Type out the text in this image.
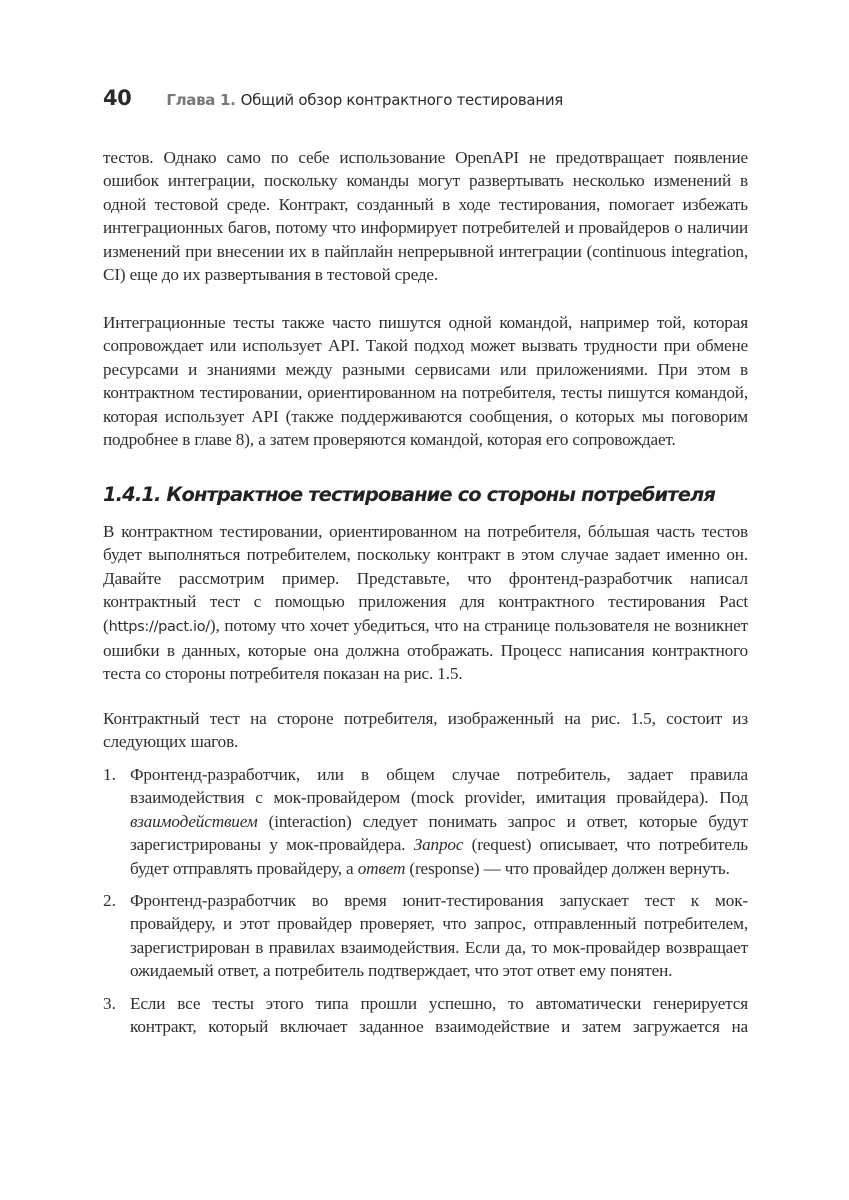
40 Глава 1. Общий обзор контрактного тестирования

тестов. Однако само по себе использование OpenAPI не предотвращает появление ошибок интеграции, поскольку команды могут развертывать несколько изменений в одной тестовой среде. Контракт, созданный в ходе тестирования, помогает избежать интеграционных багов, потому что информирует потребителей и провайдеров о наличии изменений при внесении их в пайплайн непрерывной интеграции (continuous integration, CI) еще до их развертывания в тестовой среде.

Интеграционные тесты также часто пишутся одной командой, например той, которая сопровождает или использует API. Такой подход может вызвать трудности при обмене ресурсами и знаниями между разными сервисами или приложениями. При этом в контрактном тестировании, ориентированном на потребителя, тесты пишутся командой, которая использует API (также поддерживаются сообщения, о которых мы поговорим подробнее в главе 8), а затем проверяются командой, которая его сопровождает.

1.4.1. Контрактное тестирование со стороны потребителя

В контрактном тестировании, ориентированном на потребителя, бóльшая часть тестов будет выполняться потребителем, поскольку контракт в этом случае задает именно он. Давайте рассмотрим пример. Представьте, что фронтенд-разработчик написал контрактный тест с помощью приложения для контрактного тестирования Pact (https://pact.io/), потому что хочет убедиться, что на странице пользователя не возникнет ошибки в данных, которые она должна отображать. Процесс написания контрактного теста со стороны потребителя показан на рис. 1.5.

Контрактный тест на стороне потребителя, изображенный на рис. 1.5, состоит из следующих шагов.

1. Фронтенд-разработчик, или в общем случае потребитель, задает правила взаимодействия с мок-провайдером (mock provider, имитация провайдера). Под взаимодействием (interaction) следует понимать запрос и ответ, которые будут зарегистрированы у мок-провайдера. Запрос (request) описывает, что потребитель будет отправлять провайдеру, а ответ (response) — что провайдер должен вернуть.

2. Фронтенд-разработчик во время юнит-тестирования запускает тест к мок-провайдеру, и этот провайдер проверяет, что запрос, отправленный потребителем, зарегистрирован в правилах взаимодействия. Если да, то мок-провайдер возвращает ожидаемый ответ, а потребитель подтверждает, что этот ответ ему понятен.

3. Если все тесты этого типа прошли успешно, то автоматически генерируется контракт, который включает заданное взаимодействие и затем загружается на
